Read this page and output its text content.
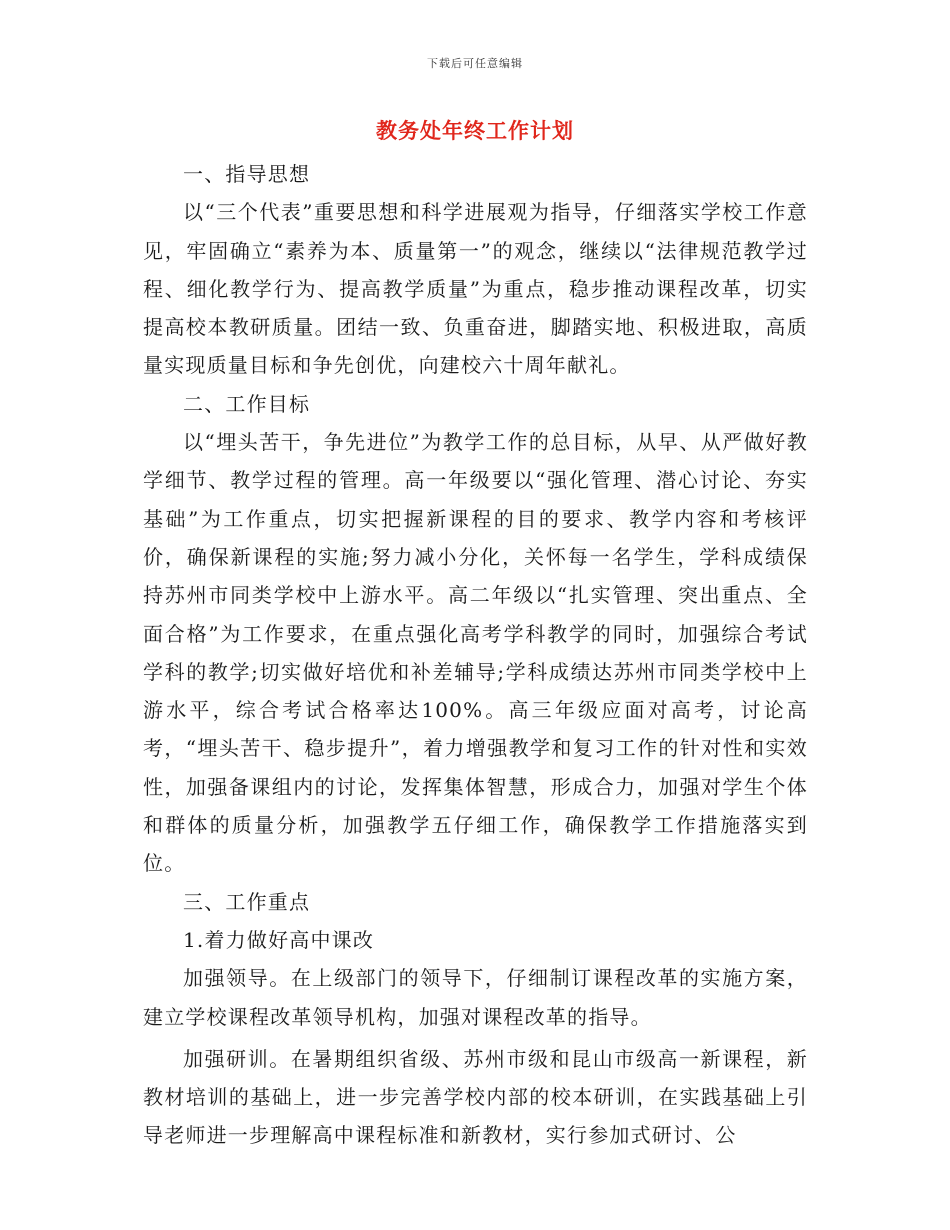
下载后可任意编辑
教务处年终工作计划

一、指导思想

以“三个代表”重要思想和科学进展观为指导，仔细落实学校工作意见，牢固确立“素养为本、质量第一”的观念，继续以“法律规范教学过程、细化教学行为、提高教学质量”为重点，稳步推动课程改革，切实提高校本教研质量。团结一致、负重奋进，脚踏实地、积极进取，高质量实现质量目标和争先创优，向建校六十周年献礼。

二、工作目标

以“埋头苦干，争先进位”为教学工作的总目标，从早、从严做好教学细节、教学过程的管理。高一年级要以“强化管理、潜心讨论、夯实基础”为工作重点，切实把握新课程的目的要求、教学内容和考核评价，确保新课程的实施;努力减小分化，关怀每一名学生，学科成绩保持苏州市同类学校中上游水平。高二年级以“扎实管理、突出重点、全面合格”为工作要求，在重点强化高考学科教学的同时，加强综合考试学科的教学;切实做好培优和补差辅导;学科成绩达苏州市同类学校中上游水平，综合考试合格率达100%。高三年级应面对高考，讨论高考，“埋头苦干、稳步提升”，着力增强教学和复习工作的针对性和实效性，加强备课组内的讨论，发挥集体智慧，形成合力，加强对学生个体和群体的质量分析，加强教学五仔细工作，确保教学工作措施落实到位。

三、工作重点

1.着力做好高中课改

加强领导。在上级部门的领导下，仔细制订课程改革的实施方案，建立学校课程改革领导机构，加强对课程改革的指导。

加强研训。在暑期组织省级、苏州市级和昆山市级高一新课程，新教材培训的基础上，进一步完善学校内部的校本研训，在实践基础上引导老师进一步理解高中课程标准和新教材，实行参加式研讨、公
